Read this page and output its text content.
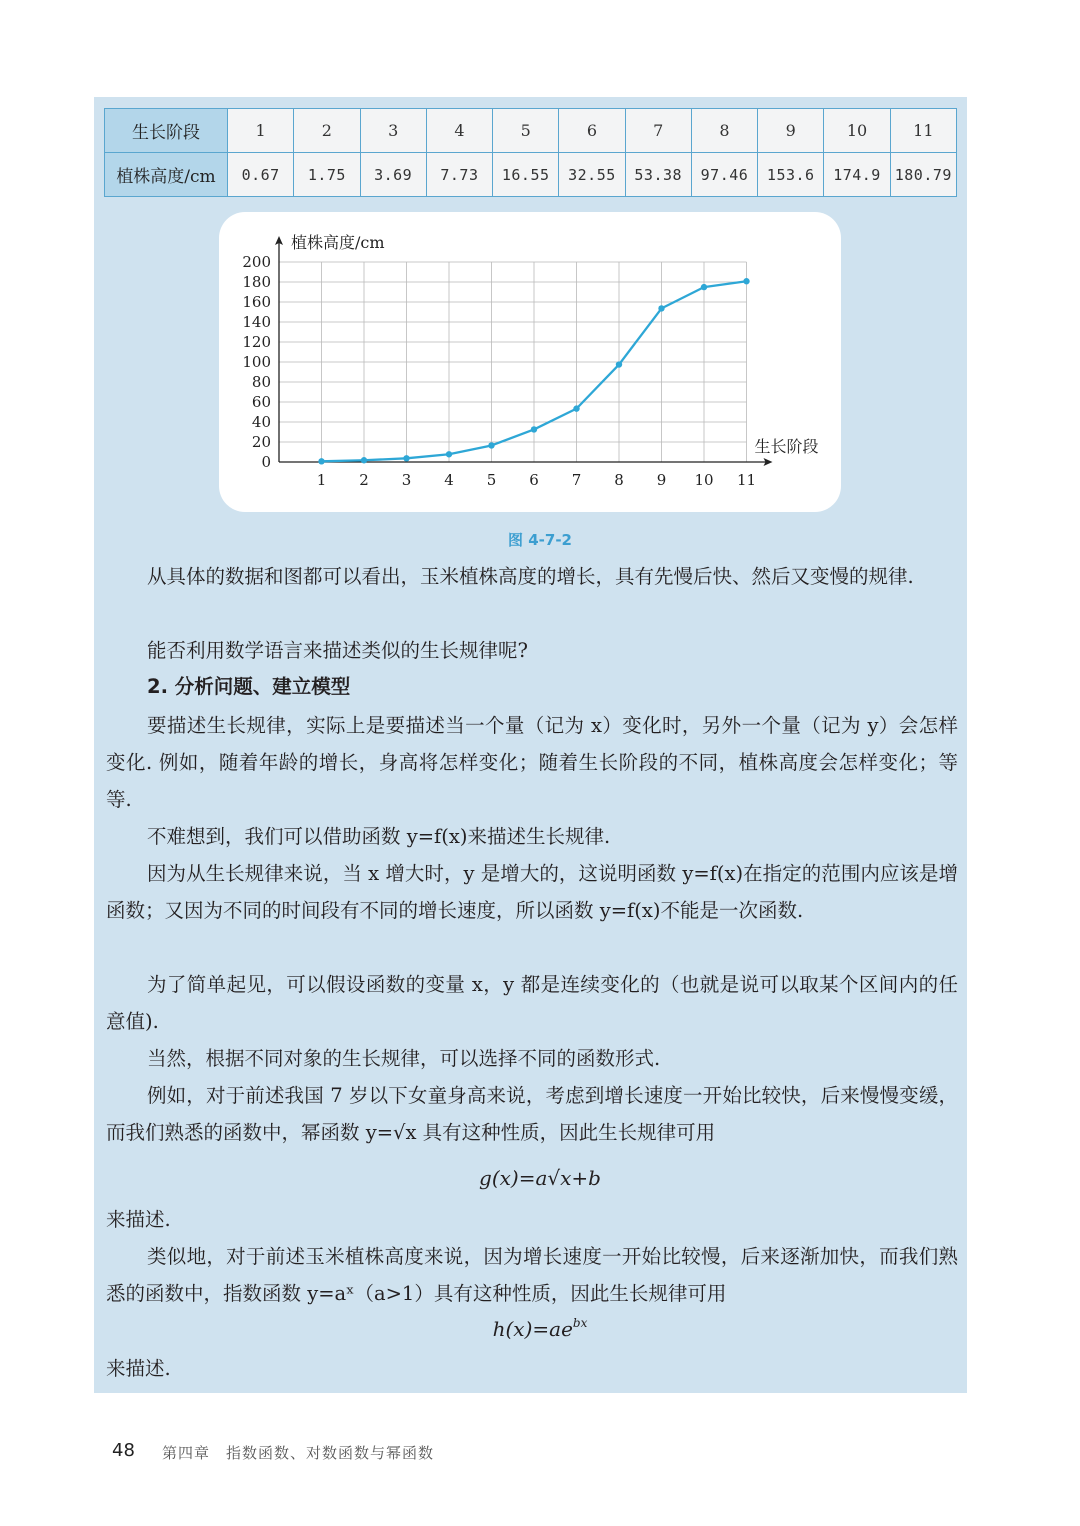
生长阶段	1	2	3	4	5	6	7	8	9	10	11
植株高度/cm	0.67	1.75	3.69	7.73	16.55	32.55	53.38	97.46	153.6	174.9	180.79
0
20
40
60
80
100
120
140
160
180
200
1 2 3 4 5 6 7 8 9 10 11
植株高度/cm
生长阶段
图 4-7-2

从具体的数据和图都可以看出，玉米植株高度的增长，具有先慢后快、然后又变慢的规律.

能否利用数学语言来描述类似的生长规律呢?

2. 分析问题、建立模型

要描述生长规律，实际上是要描述当一个量（记为 x）变化时，另外一个量（记为 y）会怎样变化. 例如，随着年龄的增长，身高将怎样变化；随着生长阶段的不同，植株高度会怎样变化；等等.

不难想到，我们可以借助函数 y=f(x)来描述生长规律.

因为从生长规律来说，当 x 增大时，y 是增大的，这说明函数 y=f(x)在指定的范围内应该是增函数；又因为不同的时间段有不同的增长速度，所以函数 y=f(x)不能是一次函数.

为了简单起见，可以假设函数的变量 x，y 都是连续变化的（也就是说可以取某个区间内的任意值).

当然，根据不同对象的生长规律，可以选择不同的函数形式.

例如，对于前述我国 7 岁以下女童身高来说，考虑到增长速度一开始比较快，后来慢慢变缓，而我们熟悉的函数中，幂函数 y=√x 具有这种性质，因此生长规律可用

g(x)=a√x+b

来描述.

类似地，对于前述玉米植株高度来说，因为增长速度一开始比较慢，后来逐渐加快，而我们熟悉的函数中，指数函数 y=aˣ（a>1）具有这种性质，因此生长规律可用

$h(x)=ae^{bx}$

来描述.

48 第四章　指数函数、对数函数与幂函数
